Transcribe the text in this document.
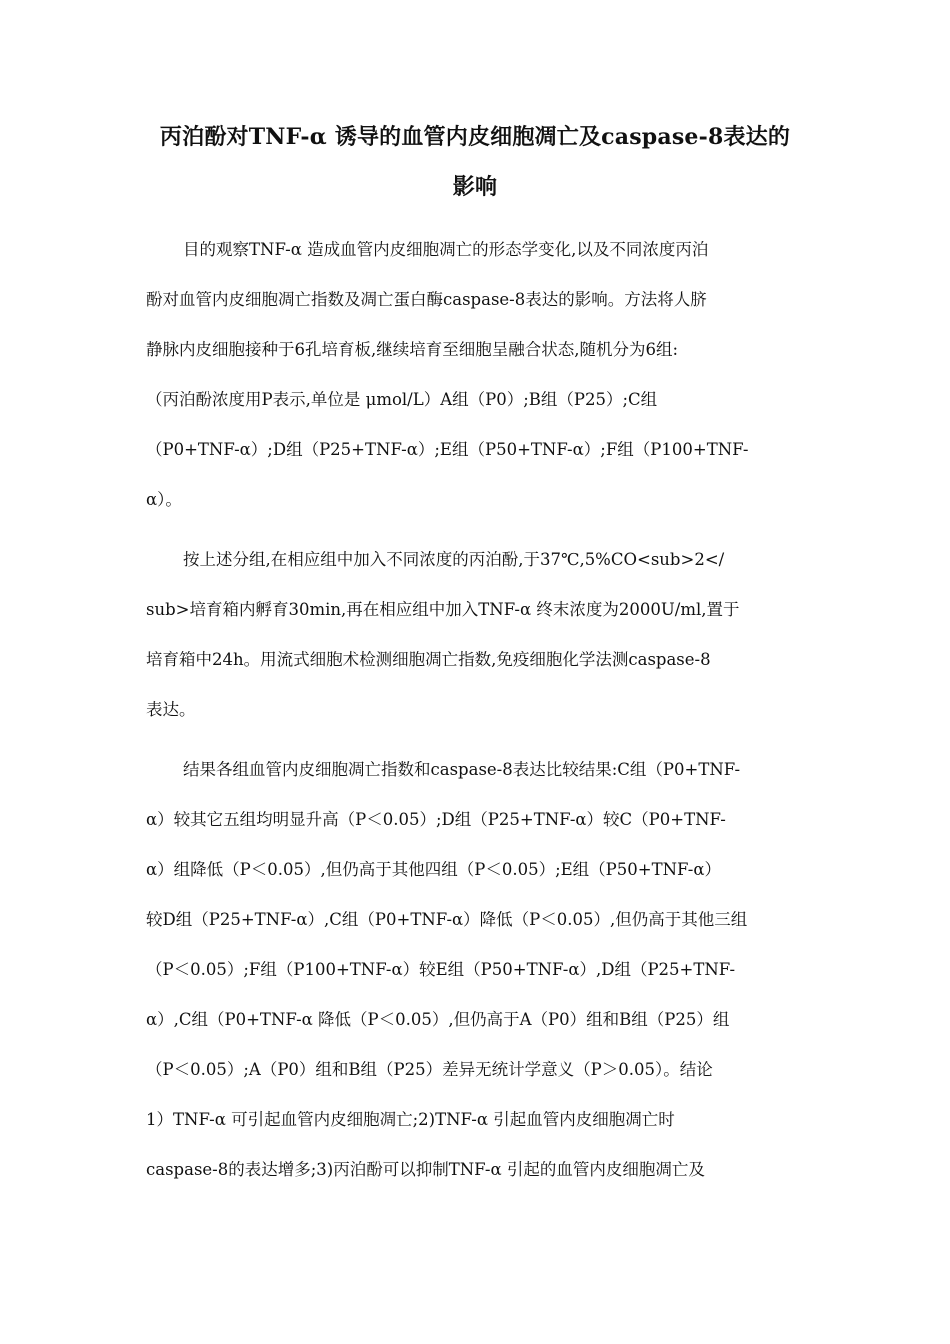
丙泊酚对TNF-α 诱导的血管内皮细胞凋亡及caspase-8表达的
影响
目的观察TNF-α 造成血管内皮细胞凋亡的形态学变化,以及不同浓度丙泊
酚对血管内皮细胞凋亡指数及凋亡蛋白酶caspase-8表达的影响。方法将人脐
静脉内皮细胞接种于6孔培育板,继续培育至细胞呈融合状态,随机分为6组:
（丙泊酚浓度用P表示,单位是 μmol/L）A组（P0）;B组（P25）;C组
（P0+TNF-α）;D组（P25+TNF-α）;E组（P50+TNF-α）;F组（P100+TNF-
α）。
按上述分组,在相应组中加入不同浓度的丙泊酚,于37℃,5%CO<sub>2</
sub>培育箱内孵育30min,再在相应组中加入TNF-α 终末浓度为2000U/ml,置于
培育箱中24h。用流式细胞术检测细胞凋亡指数,免疫细胞化学法测caspase-8
表达。
结果各组血管内皮细胞凋亡指数和caspase-8表达比较结果:C组（P0+TNF-
α）较其它五组均明显升高（P＜0.05）;D组（P25+TNF-α）较C（P0+TNF-
α）组降低（P＜0.05）,但仍高于其他四组（P＜0.05）;E组（P50+TNF-α）
较D组（P25+TNF-α）,C组（P0+TNF-α）降低（P＜0.05）,但仍高于其他三组
（P＜0.05）;F组（P100+TNF-α）较E组（P50+TNF-α）,D组（P25+TNF-
α）,C组（P0+TNF-α 降低（P＜0.05）,但仍高于A（P0）组和B组（P25）组
（P＜0.05）;A（P0）组和B组（P25）差异无统计学意义（P＞0.05）。结论
1）TNF-α 可引起血管内皮细胞凋亡;2)TNF-α 引起血管内皮细胞凋亡时
caspase-8的表达增多;3)丙泊酚可以抑制TNF-α 引起的血管内皮细胞凋亡及
